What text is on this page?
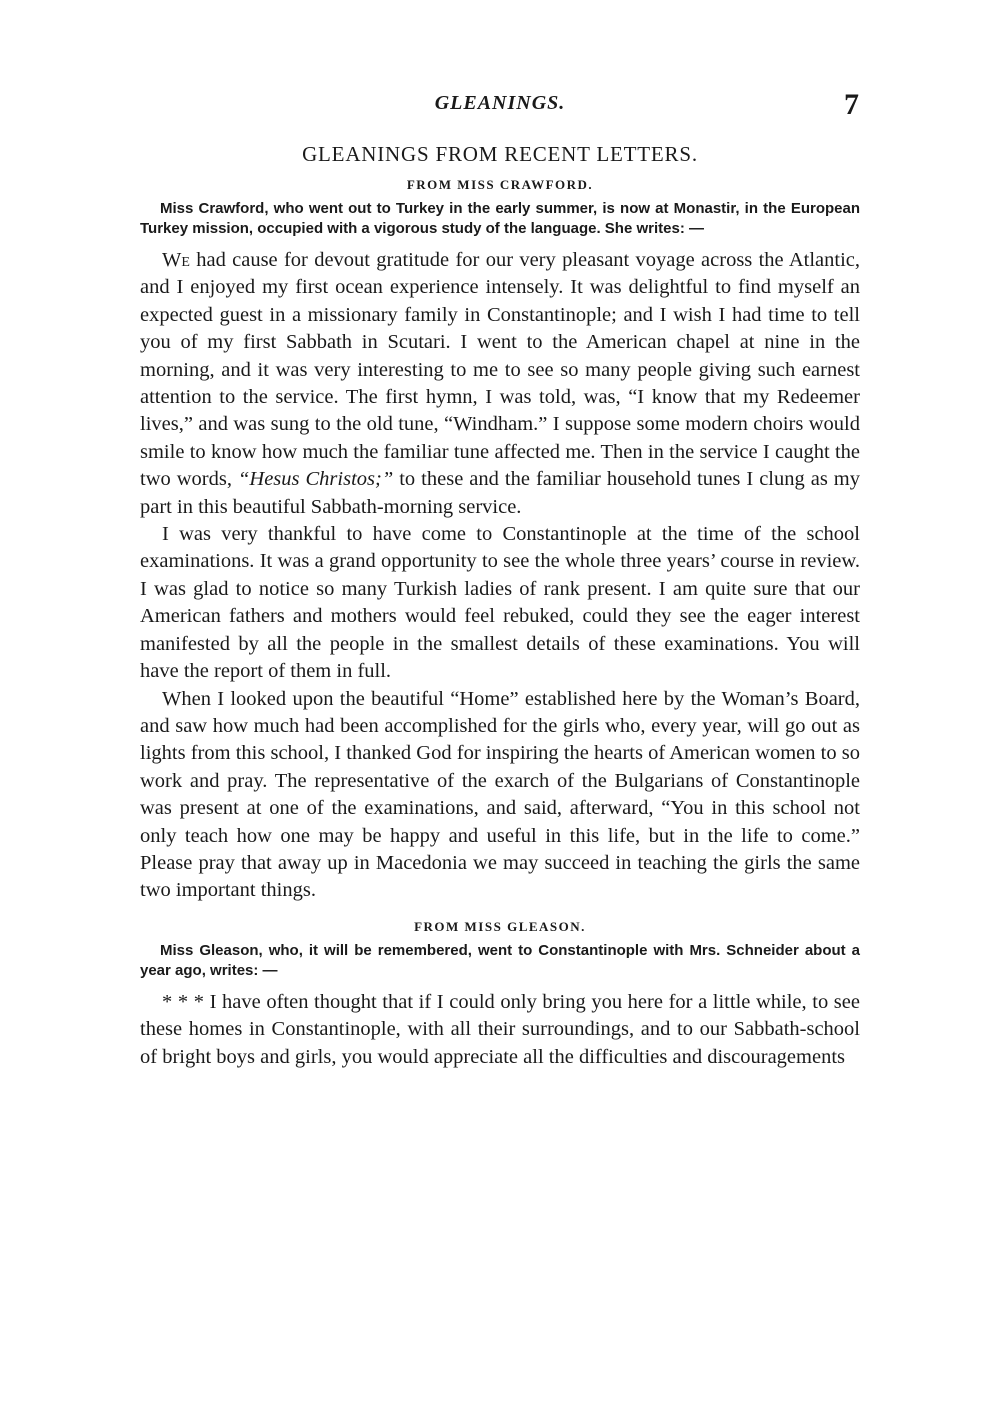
GLEANINGS.	7
GLEANINGS FROM RECENT LETTERS.
FROM MISS CRAWFORD.

Miss Crawford, who went out to Turkey in the early summer, is now at Monastir, in the European Turkey mission, occupied with a vigorous study of the language. She writes: —

We had cause for devout gratitude for our very pleasant voyage across the Atlantic, and I enjoyed my first ocean experience intensely. It was delightful to find myself an expected guest in a missionary family in Constantinople; and I wish I had time to tell you of my first Sabbath in Scutari. I went to the American chapel at nine in the morning, and it was very interesting to me to see so many people giving such earnest attention to the service. The first hymn, I was told, was, “I know that my Redeemer lives,” and was sung to the old tune, “Windham.” I suppose some modern choirs would smile to know how much the familiar tune affected me. Then in the service I caught the two words, “Hesus Christos;” to these and the familiar household tunes I clung as my part in this beautiful Sabbath-morning service.

I was very thankful to have come to Constantinople at the time of the school examinations. It was a grand opportunity to see the whole three years’ course in review. I was glad to notice so many Turkish ladies of rank present. I am quite sure that our American fathers and mothers would feel rebuked, could they see the eager interest manifested by all the people in the smallest details of these examinations. You will have the report of them in full.

When I looked upon the beautiful “Home” established here by the Woman’s Board, and saw how much had been accomplished for the girls who, every year, will go out as lights from this school, I thanked God for inspiring the hearts of American women to so work and pray. The representative of the exarch of the Bulgarians of Constantinople was present at one of the examinations, and said, afterward, “You in this school not only teach how one may be happy and useful in this life, but in the life to come.” Please pray that away up in Macedonia we may succeed in teaching the girls the same two important things.

FROM MISS GLEASON.

Miss Gleason, who, it will be remembered, went to Constantinople with Mrs. Schneider about a year ago, writes: —

* * * I have often thought that if I could only bring you here for a little while, to see these homes in Constantinople, with all their surroundings, and to our Sabbath-school of bright boys and girls, you would appreciate all the difficulties and discouragements
